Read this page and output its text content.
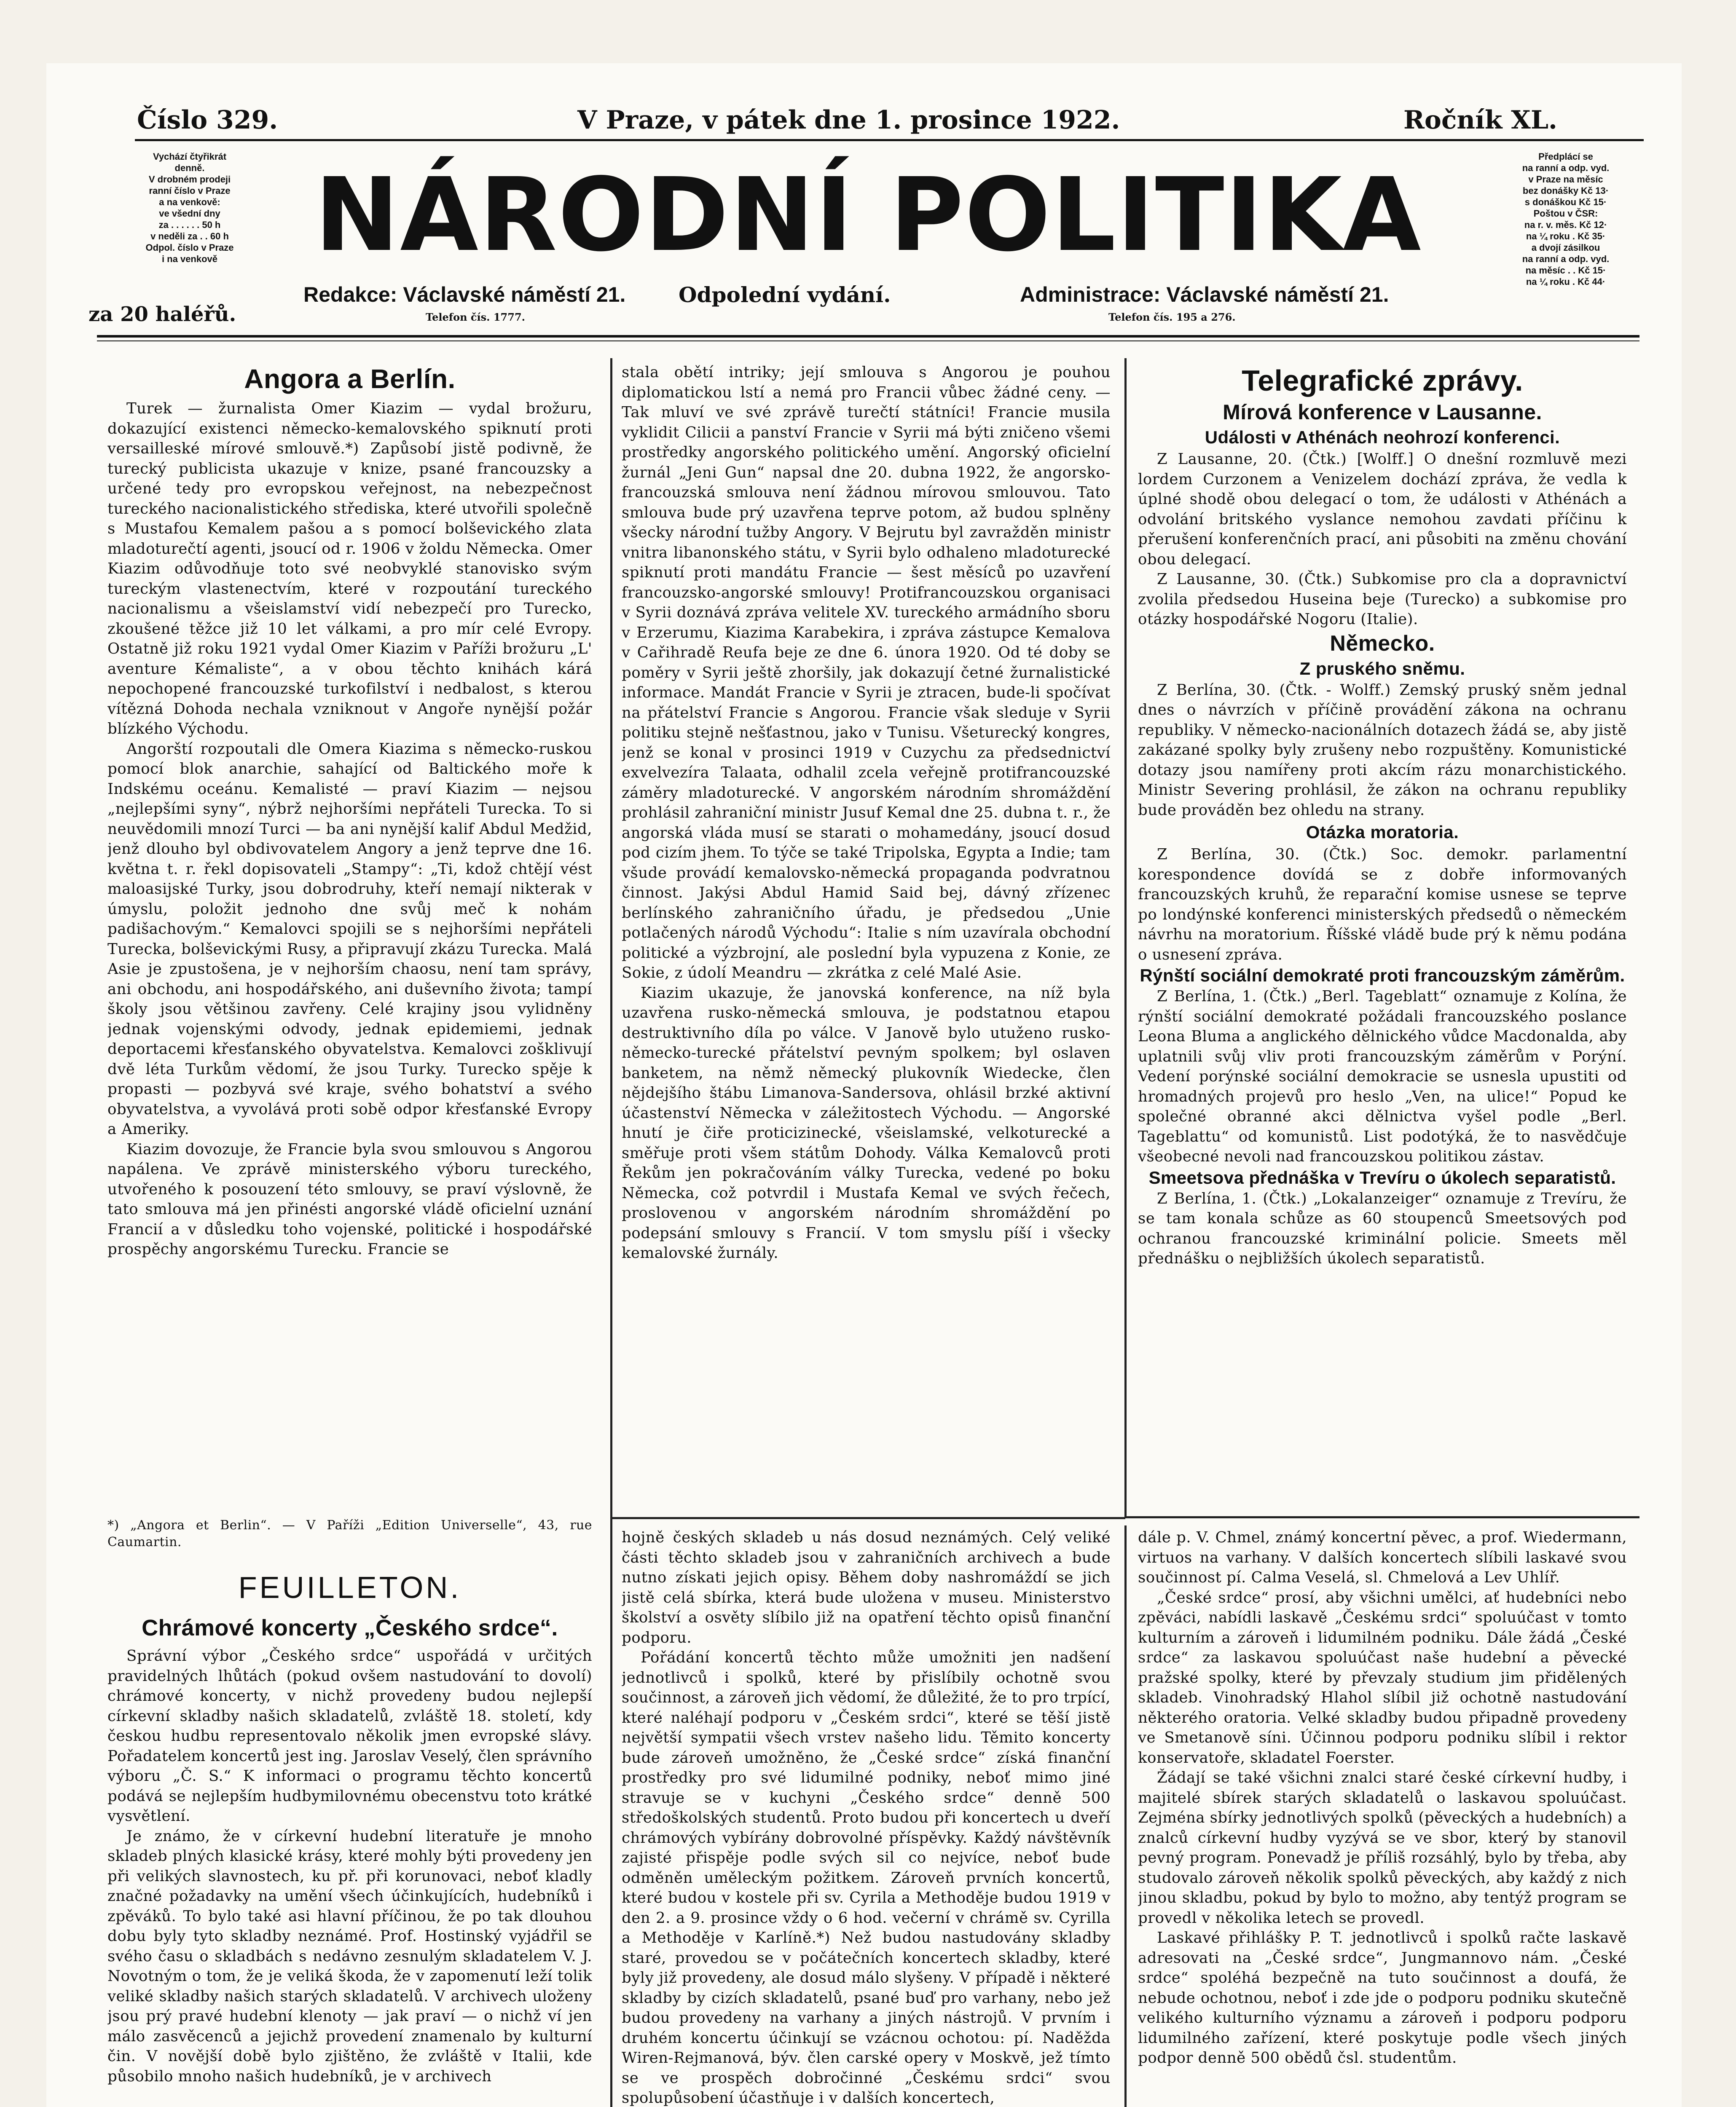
Číslo 329.	V Praze, v pátek dne 1. prosince 1922.	Ročník XL.
Vychází čtyřikrát
denně.
V drobném prodeji
ranní číslo v Praze
a na venkově:
ve všední dny
za . . . . . . 50 h
v neděli za . . 60 h
Odpol. číslo v Praze
i na venkově
za 20 haléřů.
Předplácí se
na ranní a odp. vyd.
v Praze na měsíc
bez donášky Kč 13·
s donáškou Kč 15·
Poštou v ČSR:
na r. v. měs. Kč 12·
na ¼ roku . Kč 35·
a dvojí zásilkou
na ranní a odp. vyd.
na měsíc . . Kč 15·
na ¼ roku . Kč 44·
NÁRODNÍ POLITIKA
Redakce: Václavské náměstí 21.
Telefon čís. 1777.
Odpolední vydání.	Administrace: Václavské náměstí 21.
Telefon čís. 195 a 276.
Angora a Berlín.

Turek — žurnalista Omer Kiazim — vydal brožuru, dokazující existenci německo-kemalovského spiknutí proti versailleské mírové smlouvě.*) Zapůsobí jistě podivně, že turecký publicista ukazuje v knize, psané francouzsky a určené tedy pro evropskou veřejnost, na nebezpečnost tureckého nacionalistického střediska, které utvořili společně s Mustafou Kemalem pašou a s pomocí bolševického zlata mladoturečtí agenti, jsoucí od r. 1906 v žoldu Německa. Omer Kiazim odůvodňuje toto své neobvyklé stanovisko svým tureckým vlastenectvím, které v rozpoutání tureckého nacionalismu a všeislamství vidí nebezpečí pro Turecko, zkoušené těžce již 10 let válkami, a pro mír celé Evropy. Ostatně již roku 1921 vydal Omer Kiazim v Paříži brožuru „L' aventure Kémaliste“, a v obou těchto knihách kárá nepochopené francouzské turkofilství i nedbalost, s kterou vítězná Dohoda nechala vzniknout v Angoře nynější požár blízkého Východu.

Angorští rozpoutali dle Omera Kiazima s německo-ruskou pomocí blok anarchie, sahající od Baltického moře k Indskému oceánu. Kemalisté — praví Kiazim — nejsou „nejlepšími syny“, nýbrž nejhoršími nepřáteli Turecka. To si neuvědomili mnozí Turci — ba ani nynější kalif Abdul Medžid, jenž dlouho byl obdivovatelem Angory a jenž teprve dne 16. května t. r. řekl dopisovateli „Stampy“: „Ti, kdož chtějí vést maloasijské Turky, jsou dobrodruhy, kteří nemají nikterak v úmyslu, položit jednoho dne svůj meč k nohám padišachovým.“ Kemalovci spojili se s nejhoršími nepřáteli Turecka, bolševickými Rusy, a připravují zkázu Turecka. Malá Asie je zpustošena, je v nejhorším chaosu, není tam správy, ani obchodu, ani hospodářského, ani duševního života; tampí školy jsou většinou zavřeny. Celé krajiny jsou vylidněny jednak vojenskými odvody, jednak epidemiemi, jednak deportacemi křesťanského obyvatelstva. Kemalovci zošklivují dvě léta Turkům vědomí, že jsou Turky. Turecko spěje k propasti — pozbyvá své kraje, svého bohatství a svého obyvatelstva, a vyvolává proti sobě odpor křesťanské Evropy a Ameriky.

Kiazim dovozuje, že Francie byla svou smlouvou s Angorou napálena. Ve zprávě ministerského výboru tureckého, utvořeného k posouzení této smlouvy, se praví výslovně, že tato smlouva má jen přinésti angorské vládě oficielní uznání Francií a v důsledku toho vojenské, politické i hospodářské prospěchy angorskému Turecku. Francie se

*) „Angora et Berlin“. — V Paříži „Edition Universelle“, 43, rue Caumartin.

stala obětí intriky; její smlouva s Angorou je pouhou diplomatickou lstí a nemá pro Francii vůbec žádné ceny. — Tak mluví ve své zprávě turečtí státníci! Francie musila vyklidit Cilicii a panství Francie v Syrii má býti zničeno všemi prostředky angorského politického umění. Angorský oficielní žurnál „Jeni Gun“ napsal dne 20. dubna 1922, že angorsko-francouzská smlouva není žádnou mírovou smlouvou. Tato smlouva bude prý uzavřena teprve potom, až budou splněny všecky národní tužby Angory. V Bejrutu byl zavražděn ministr vnitra libanonského státu, v Syrii bylo odhaleno mladoturecké spiknutí proti mandátu Francie — šest měsíců po uzavření francouzsko-angorské smlouvy! Protifrancouzskou organisaci v Syrii doznává zpráva velitele XV. tureckého armádního sboru v Erzerumu, Kiazima Karabekira, i zpráva zástupce Kemalova v Cařihradě Reufa beje ze dne 6. února 1920. Od té doby se poměry v Syrii ještě zhoršily, jak dokazují četné žurnalistické informace. Mandát Francie v Syrii je ztracen, bude-li spočívat na přátelství Francie s Angorou. Francie však sleduje v Syrii politiku stejně nešťastnou, jako v Tunisu. Všeturecký kongres, jenž se konal v prosinci 1919 v Cuzychu za předsednictví exvelvezíra Talaata, odhalil zcela veřejně protifrancouzské záměry mladoturecké. V angorském národním shromáždění prohlásil zahraniční ministr Jusuf Kemal dne 25. dubna t. r., že angorská vláda musí se starati o mohamedány, jsoucí dosud pod cizím jhem. To týče se také Tripolska, Egypta a Indie; tam všude provádí kemalovsko-německá propaganda podvratnou činnost. Jakýsi Abdul Hamid Said bej, dávný zřízenec berlínského zahraničního úřadu, je předsedou „Unie potlačených národů Východu“: Italie s ním uzavírala obchodní politické a výzbrojní, ale poslední byla vypuzena z Konie, ze Sokie, z údolí Meandru — zkrátka z celé Malé Asie.

Kiazim ukazuje, že janovská konference, na níž byla uzavřena rusko-německá smlouva, je podstatnou etapou destruktivního díla po válce. V Janově bylo utuženo rusko-německo-turecké přátelství pevným spolkem; byl oslaven banketem, na němž německý plukovník Wiedecke, člen nějdejšího štábu Limanova-Sandersova, ohlásil brzké aktivní účastenství Německa v záležitostech Východu. — Angorské hnutí je čiře proticizinecké, všeislamské, velkoturecké a směřuje proti všem státům Dohody. Válka Kemalovců proti Řekům jen pokračováním války Turecka, vedené po boku Německa, což potvrdil i Mustafa Kemal ve svých řečech, proslovenou v angorském národním shromáždění po podepsání smlouvy s Francií. V tom smyslu píší i všecky kemalovské žurnály.

Telegrafické zprávy.
Mírová konference v Lausanne.
Události v Athénách neohrozí konferenci.

Z Lausanne, 20. (Čtk.) [Wolff.] O dnešní rozmluvě mezi lordem Curzonem a Venizelem dochází zpráva, že vedla k úplné shodě obou delegací o tom, že události v Athénách a odvolání britského vyslance nemohou zavdati příčinu k přerušení konferenčních prací, ani působiti na změnu chování obou delegací.

Z Lausanne, 30. (Čtk.) Subkomise pro cla a dopravnictví zvolila předsedou Huseina beje (Turecko) a subkomise pro otázky hospodářské Nogoru (Italie).

Německo.
Z pruského sněmu.

Z Berlína, 30. (Čtk. - Wolff.) Zemský pruský sněm jednal dnes o návrzích v příčině provádění zákona na ochranu republiky. V německo-nacionálních dotazech žádá se, aby jistě zakázané spolky byly zrušeny nebo rozpuštěny. Komunistické dotazy jsou namířeny proti akcím rázu monarchistického. Ministr Severing prohlásil, že zákon na ochranu republiky bude prováděn bez ohledu na strany.

Otázka moratoria.

Z Berlína, 30. (Čtk.) Soc. demokr. parlamentní korespondence dovídá se z dobře informovaných francouzských kruhů, že reparační komise usnese se teprve po londýnské konferenci ministerských předsedů o německém návrhu na moratorium. Říšské vládě bude prý k němu podána o usnesení zpráva.

Rýnští sociální demokraté proti francouzským záměrům.

Z Berlína, 1. (Čtk.) „Berl. Tageblatt“ oznamuje z Kolína, že rýnští sociální demokraté požádali francouzského poslance Leona Bluma a anglického dělnického vůdce Macdonalda, aby uplatnili svůj vliv proti francouzským záměrům v Porýní. Vedení porýnské sociální demokracie se usnesla upustiti od hromadných projevů pro heslo „Ven, na ulice!“ Popud ke společné obranné akci dělnictva vyšel podle „Berl. Tageblattu“ od komunistů. List podotýká, že to nasvědčuje všeobecné nevoli nad francouzskou politikou zástav.

Smeetsova přednáška v Trevíru o úkolech separatistů.

Z Berlína, 1. (Čtk.) „Lokalanzeiger“ oznamuje z Trevíru, že se tam konala schůze as 60 stoupenců Smeetsových pod ochranou francouzské kriminální policie. Smeets měl přednášku o nejbližších úkolech separatistů.

FEUILLETON.
Chrámové koncerty „Českého srdce“.

Správní výbor „Českého srdce“ uspořádá v určitých pravidelných lhůtách (pokud ovšem nastudování to dovolí) chrámové koncerty, v nichž provedeny budou nejlepší církevní skladby našich skladatelů, zvláště 18. století, kdy českou hudbu representovalo několik jmen evropské slávy. Pořadatelem koncertů jest ing. Jaroslav Veselý, člen správního výboru „Č. S.“ K informaci o programu těchto koncertů podává se nejlepším hudbymilovnému obecenstvu toto krátké vysvětlení.

Je známo, že v církevní hudební literatuře je mnoho skladeb plných klasické krásy, které mohly býti provedeny jen při velikých slavnostech, ku př. při korunovaci, neboť kladly značné požadavky na umění všech účinkujících, hudebníků i zpěváků. To bylo také asi hlavní příčinou, že po tak dlouhou dobu byly tyto skladby neznámé. Prof. Hostinský vyjádřil se svého času o skladbách s nedávno zesnulým skladatelem V. J. Novotným o tom, že je veliká škoda, že v zapomenutí leží tolik veliké skladby našich starých skladatelů. V archivech uloženy jsou prý pravé hudební klenoty — jak praví — o nichž ví jen málo zasvěcenců a jejichž provedení znamenalo by kulturní čin. V novější době bylo zjištěno, že zvláště v Italii, kde působilo mnoho našich hudebníků, je v archivech

hojně českých skladeb u nás dosud neznámých. Celý veliké části těchto skladeb jsou v zahraničních archivech a bude nutno získati jejich opisy. Během doby nashromáždí se jich jistě celá sbírka, která bude uložena v museu. Ministerstvo školství a osvěty slíbilo již na opatření těchto opisů finanční podporu.

Pořádání koncertů těchto může umožniti jen nadšení jednotlivců i spolků, které by přislíbily ochotně svou součinnost, a zároveň jich vědomí, že důležité, že to pro trpící, které naléhají podporu v „Českém srdci“, které se těší jistě největší sympatii všech vrstev našeho lidu. Těmito koncerty bude zároveň umožněno, že „České srdce“ získá finanční prostředky pro své lidumilné podniky, neboť mimo jiné stravuje se v kuchyni „Českého srdce“ denně 500 středoškolských studentů. Proto budou při koncertech u dveří chrámových vybírány dobrovolné příspěvky. Každý návštěvník zajisté přispěje podle svých sil co nejvíce, neboť bude odměněn uměleckým požitkem. Zároveň prvních koncertů, které budou v kostele při sv. Cyrila a Methoděje budou 1919 v den 2. a 9. prosince vždy o 6 hod. večerní v chrámě sv. Cyrilla a Methoděje v Karlíně.*) Než budou nastudovány skladby staré, provedou se v počátečních koncertech skladby, které byly již provedeny, ale dosud málo slyšeny. V případě i některé skladby by cizích skladatelů, psané buď pro varhany, nebo jež budou provedeny na varhany a jiných nástrojů. V prvním i druhém koncertu účinkují se vzácnou ochotou: pí. Naděžda Wiren-Rejmanová, býv. člen carské opery v Moskvě, jež tímto se ve prospěch dobročinné „Českému srdci“ svou spolupůsobení účastňuje i v dalších koncertech,

dále p. V. Chmel, známý koncertní pěvec, a prof. Wiedermann, virtuos na varhany. V dalších koncertech slíbili laskavé svou součinnost pí. Calma Veselá, sl. Chmelová a Lev Uhlíř.

„České srdce“ prosí, aby všichni umělci, ať hudebníci nebo zpěváci, nabídli laskavě „Českému srdci“ spoluúčast v tomto kulturním a zároveň i lidumilném podniku. Dále žádá „České srdce“ za laskavou spoluúčast naše hudební a pěvecké pražské spolky, které by převzaly studium jim přidělených skladeb. Vinohradský Hlahol slíbil již ochotně nastudování některého oratoria. Velké skladby budou připadně provedeny ve Smetanově síni. Účinnou podporu podniku slíbil i rektor konservatoře, skladatel Foerster.

Žádají se také všichni znalci staré české církevní hudby, i majitelé sbírek starých skladatelů o laskavou spoluúčast. Zejména sbírky jednotlivých spolků (pěveckých a hudebních) a znalců církevní hudby vyzývá se ve sbor, který by stanovil pevný program. Ponevadž je příliš rozsáhlý, bylo by třeba, aby studovalo zároveň několik spolků pěveckých, aby každý z nich jinou skladbu, pokud by bylo to možno, aby tentýž program se provedl v několika letech se provedl.

Laskavé přihlášky P. T. jednotlivců i spolků račte laskavě adresovati na „České srdce“, Jungmannovo nám. „České srdce“ spoléhá bezpečně na tuto součinnost a doufá, že nebude ochotnou, neboť i zde jde o podporu podniku skutečně velikého kulturního významu a zároveň i podporu podporu lidumilného zařízení, které poskytuje podle všech jiných podpor denně 500 obědů čsl. studentům.
